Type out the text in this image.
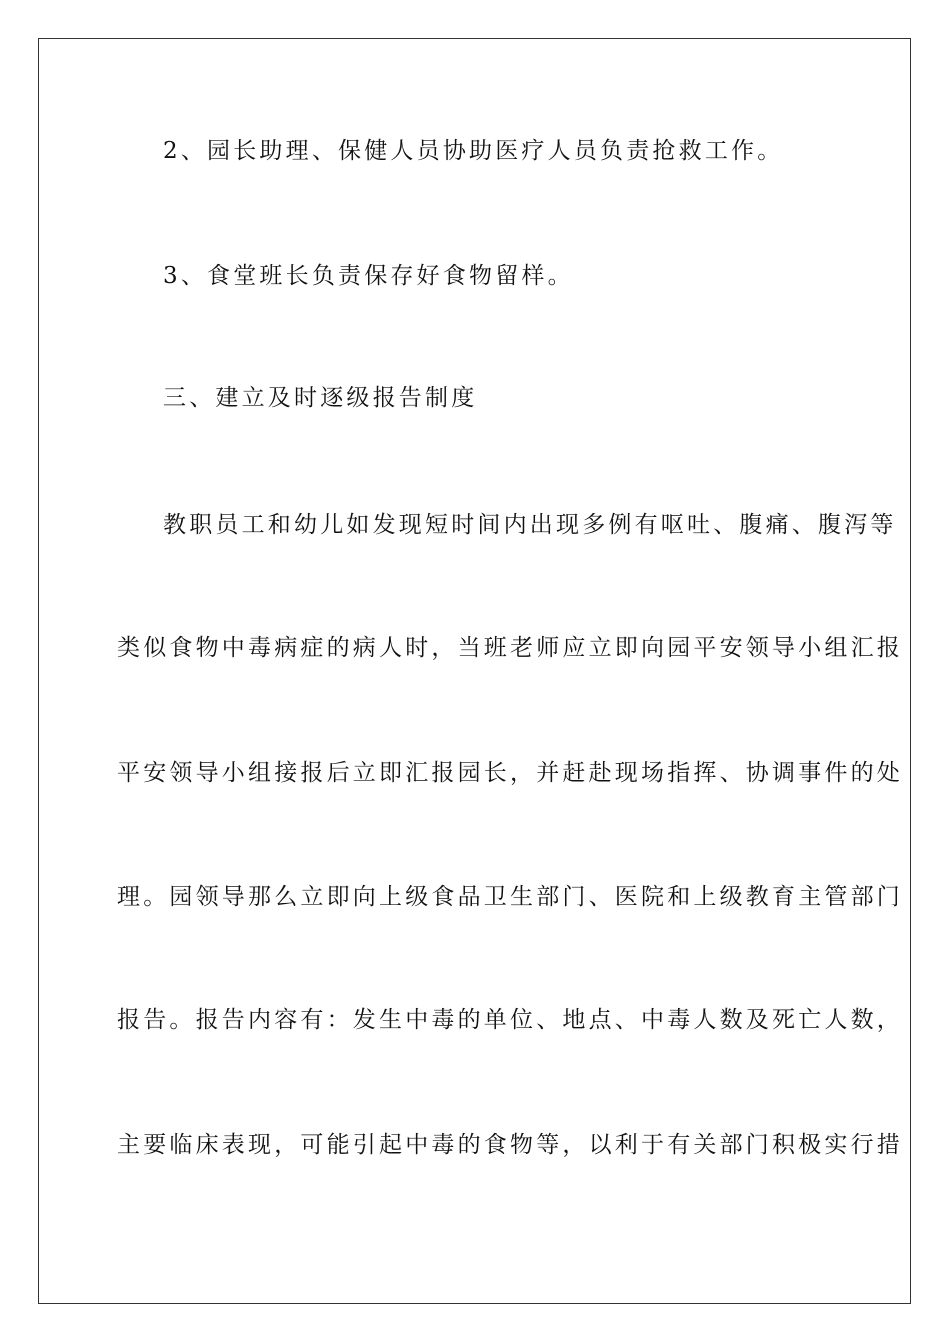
2、园长助理、保健人员协助医疗人员负责抢救工作。
3、食堂班长负责保存好食物留样。
三、建立及时逐级报告制度
教职员工和幼儿如发现短时间内出现多例有呕吐、腹痛、腹泻等
类似食物中毒病症的病人时，当班老师应立即向园平安领导小组汇报
平安领导小组接报后立即汇报园长，并赶赴现场指挥、协调事件的处
理。园领导那么立即向上级食品卫生部门、医院和上级教育主管部门
报告。报告内容有：发生中毒的单位、地点、中毒人数及死亡人数，
主要临床表现，可能引起中毒的食物等，以利于有关部门积极实行措
